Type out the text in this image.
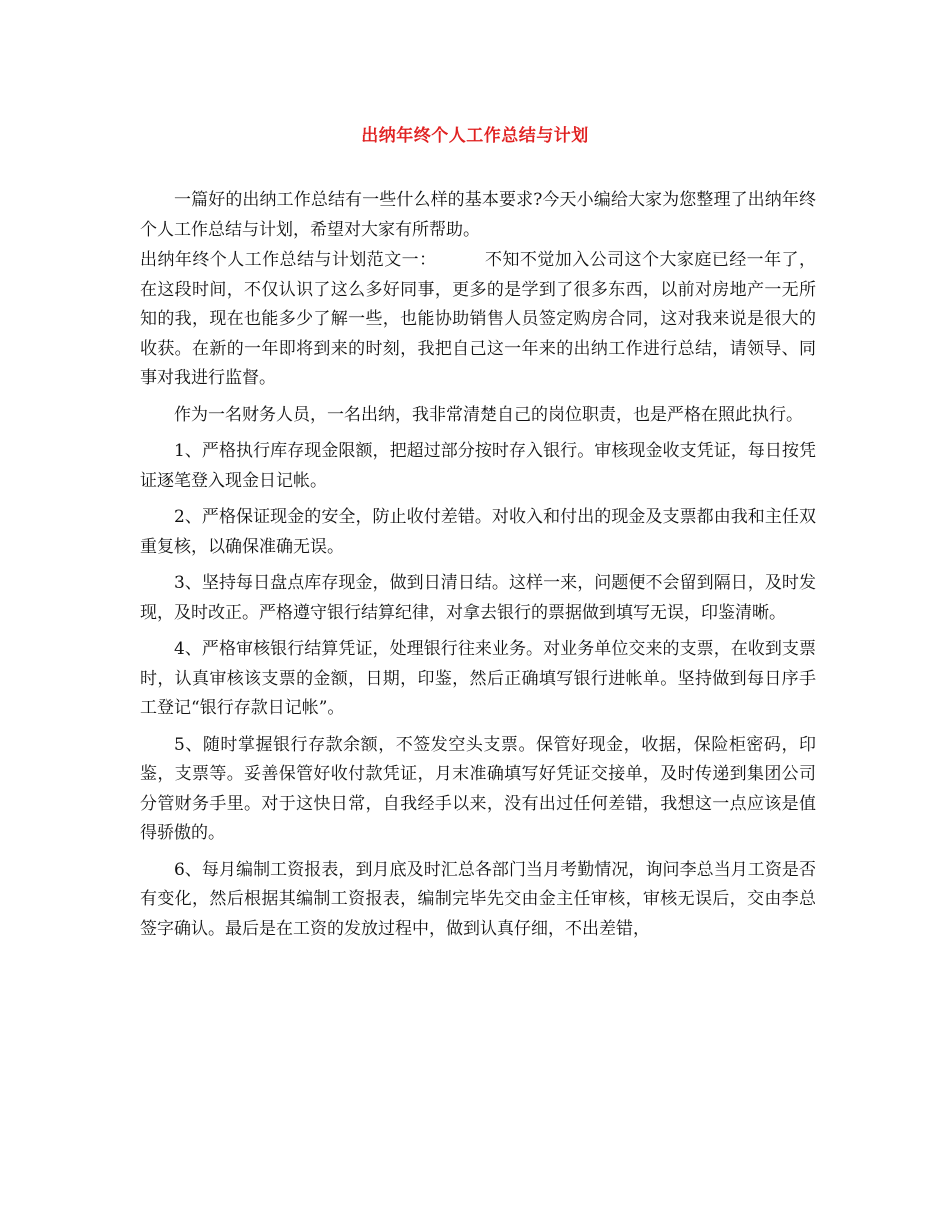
出纳年终个人工作总结与计划

一篇好的出纳工作总结有一些什么样的基本要求?今天小编给大家为您整理了出纳年终个人工作总结与计划，希望对大家有所帮助。

出纳年终个人工作总结与计划范文一：	不知不觉加入公司这个大家庭已经一年了，在这段时间，不仅认识了这么多好同事，更多的是学到了很多东西，以前对房地产一无所知的我，现在也能多少了解一些，也能协助销售人员签定购房合同，这对我来说是很大的收获。在新的一年即将到来的时刻，我把自己这一年来的出纳工作进行总结，请领导、同事对我进行监督。

作为一名财务人员，一名出纳，我非常清楚自己的岗位职责，也是严格在照此执行。

1、严格执行库存现金限额，把超过部分按时存入银行。审核现金收支凭证，每日按凭证逐笔登入现金日记帐。

2、严格保证现金的安全，防止收付差错。对收入和付出的现金及支票都由我和主任双重复核，以确保准确无误。

3、坚持每日盘点库存现金，做到日清日结。这样一来，问题便不会留到隔日，及时发现，及时改正。严格遵守银行结算纪律，对拿去银行的票据做到填写无误，印鉴清晰。

4、严格审核银行结算凭证，处理银行往来业务。对业务单位交来的支票，在收到支票时，认真审核该支票的金额，日期，印鉴，然后正确填写银行进帐单。坚持做到每日序手工登记“银行存款日记帐”。

5、随时掌握银行存款余额，不签发空头支票。保管好现金，收据，保险柜密码，印鉴，支票等。妥善保管好收付款凭证，月末准确填写好凭证交接单，及时传递到集团公司分管财务手里。对于这快日常，自我经手以来，没有出过任何差错，我想这一点应该是值得骄傲的。

6、每月编制工资报表，到月底及时汇总各部门当月考勤情况，询问李总当月工资是否有变化，然后根据其编制工资报表，编制完毕先交由金主任审核，审核无误后，交由李总签字确认。最后是在工资的发放过程中，做到认真仔细，不出差错，
